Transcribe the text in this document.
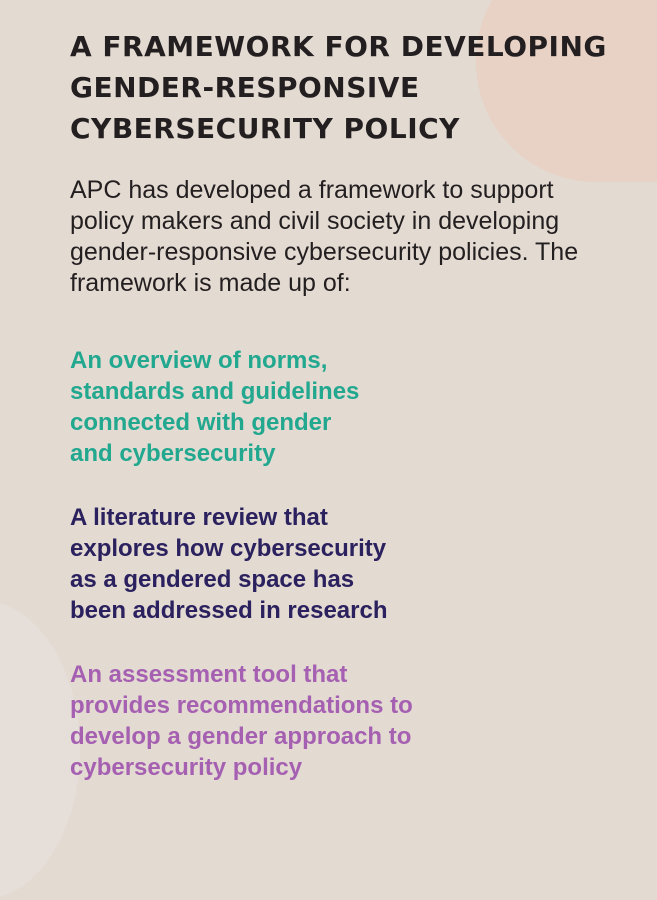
A FRAMEWORK FOR DEVELOPING GENDER-RESPONSIVE CYBERSECURITY POLICY

APC has developed a framework to support policy makers and civil society in developing gender-responsive cybersecurity policies. The framework is made up of:

An overview of norms, standards and guidelines connected with gender and cybersecurity

A literature review that explores how cybersecurity as a gendered space has been addressed in research

An assessment tool that provides recommendations to develop a gender approach to cybersecurity policy
